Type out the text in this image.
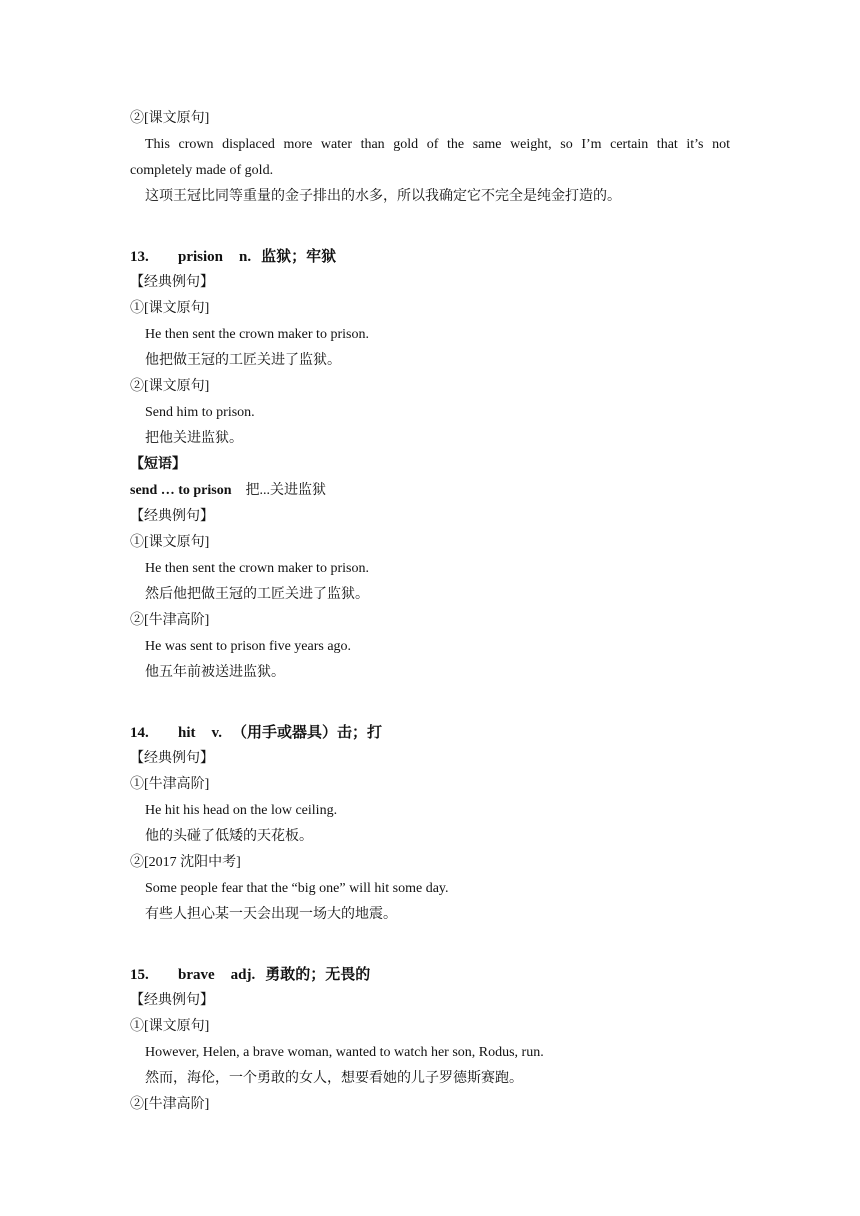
②[课文原句]
This crown displaced more water than gold of the same weight, so I’m certain that it’s not
completely made of gold.
这项王冠比同等重量的金子排出的水多，所以我确定它不完全是纯金打造的。
13. prision n. 监狱；牢狱
【经典例句】
①[课文原句]
He then sent the crown maker to prison.
他把做王冠的工匠关进了监狱。
②[课文原句]
Send him to prison.
把他关进监狱。
【短语】
send … to prison 把...关进监狱
【经典例句】
①[课文原句]
He then sent the crown maker to prison.
然后他把做王冠的工匠关进了监狱。
②[牛津高阶]
He was sent to prison five years ago.
他五年前被送进监狱。
14. hit v. （用手或器具）击；打
【经典例句】
①[牛津高阶]
He hit his head on the low ceiling.
他的头碰了低矮的天花板。
②[2017 沈阳中考]
Some people fear that the “big one” will hit some day.
有些人担心某一天会出现一场大的地震。
15. brave adj. 勇敢的；无畏的
【经典例句】
①[课文原句]
However, Helen, a brave woman, wanted to watch her son, Rodus, run.
然而，海伦，一个勇敢的女人，想要看她的儿子罗德斯赛跑。
②[牛津高阶]
